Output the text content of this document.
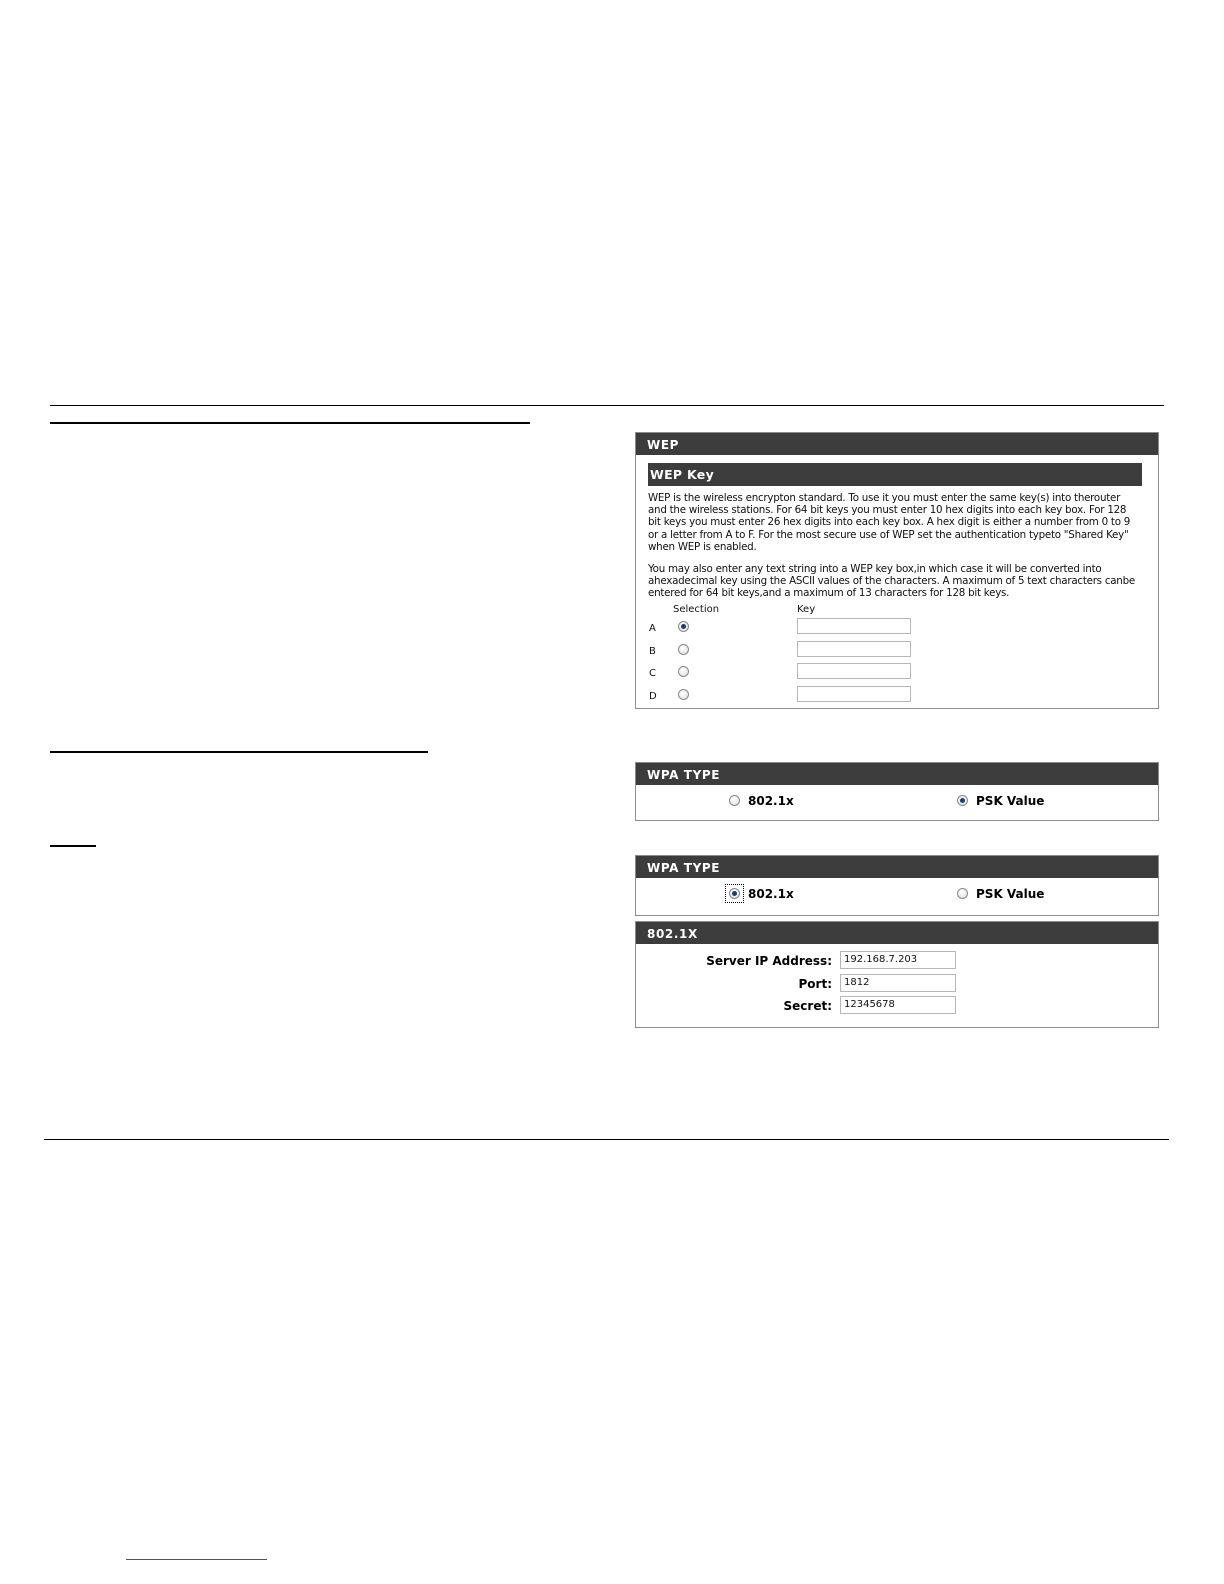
WEP
WEP Key
WEP is the wireless encrypton standard. To use it you must enter the same key(s) into therouter and the wireless stations. For 64 bit keys you must enter 10 hex digits into each key box. For 128 bit keys you must enter 26 hex digits into each key box. A hex digit is either a number from 0 to 9 or a letter from A to F. For the most secure use of WEP set the authentication typeto "Shared Key" when WEP is enabled.
You may also enter any text string into a WEP key box,in which case it will be converted into ahexadecimal key using the ASCII values of the characters. A maximum of 5 text characters canbe entered for 64 bit keys,and a maximum of 13 characters for 128 bit keys.
Selection	Key
A
B
C
D
WPA TYPE
802.1x	PSK Value
WPA TYPE
802.1x	PSK Value
802.1X
Server IP Address:	192.168.7.203
Port:	1812
Secret:	12345678
